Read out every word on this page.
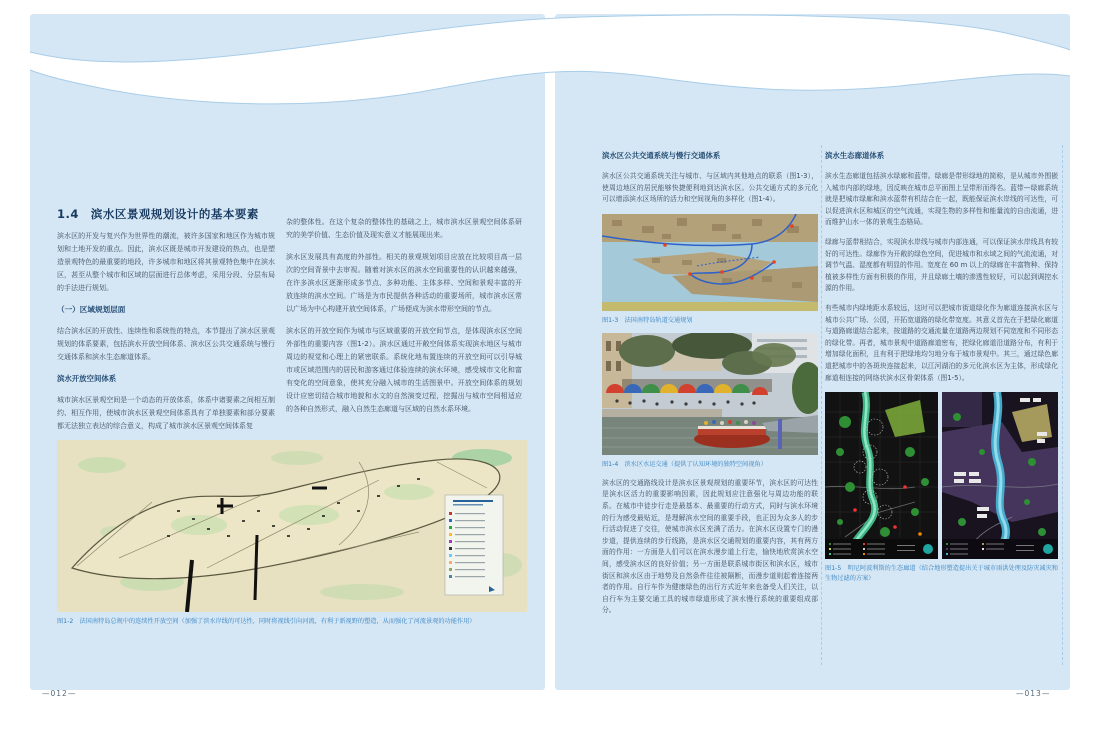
1.4　滨水区景观规划设计的基本要素

滨水区的开发与复兴作为世界性的潮流，被许多国家和地区作为城市规划和土地开发的重点。因此，滨水区既是城市开发建设的热点，也是塑造景观特色的最重要的地段，许多城市和地区将其景观特色集中在滨水区，甚至从整个城市和区域的层面进行总体考虑，采用分段、分层布局的手法进行规划。

（一）区域规划层面

结合滨水区的开放性、连续性和系统性的特点，本节提出了滨水区景观规划的体系要素，包括滨水开放空间体系、滨水区公共交通系统与慢行交通体系和滨水生态廊道体系。

滨水开放空间体系

城市滨水区景观空间是一个动态的开放体系，体系中诸要素之间相互制约、相互作用，使城市滨水区景观空间体系具有了单独要素和部分要素都无法独立表达的综合意义，构成了城市滨水区景观空间体系复

杂的整体性。在这个复杂的整体性的基础之上，城市滨水区景观空间体系研究的美学价值、生态价值及现实意义才能展现出来。

滨水区发展具有高度的外部性。相关的景观规划项目应放在比较项目高一层次的空间背景中去审视。随着对滨水区的滨水空间重要性的认识越来越强，在许多滨水区逐渐形成多节点、多种功能、主体多样、空间和景观丰富的开放连续的滨水空间。广场是为市民提供各种活动的重要场所，城市滨水区常以广场为中心构建开放空间体系，广场便成为滨水带形空间的节点。

滨水区的开放空间作为城市与区域重要的开放空间节点，是体现滨水区空间外部性的重要内容（图1-2）。滨水区通过开敞空间体系实现滨水地区与城市周边的视觉和心理上的紧密联系。系统化地布置连续的开放空间可以引导城市或区域范围内的居民和游客通过体验连续的滨水环境，感受城市文化和富有变化的空间意象，使其充分融入城市的生活图景中。开放空间体系的规划设计应密切结合城市地貌和水文的自然演变过程，挖掘出与城市空间相适应的各种自然形式，融入自然生态廊道与区域的自然水系环境。

图1-2　法国南特岛总规中的连续性开放空间（加强了滨水岸线的可达性，同时将视线引向河流，有利于新视野的塑造，从而强化了河流景观的功能作用）
—012—
滨水区公共交通系统与慢行交通体系

滨水区公共交通系统关注与城市、与区域内其他地点的联系（图1-3），使周边地区的居民能够快捷便利地到达滨水区。公共交通方式的多元化可以增添滨水区场所的活力和空间视角的多样化（图1-4）。

图1-3　法国南特岛轨道交通规划
图1-4　滨水区水运交通（提供了认知环境的独特空间视角）

滨水区的交通路线设计是滨水区景观规划的重要环节，滨水区的可达性是滨水区活力的重要影响因素，因此规划应注意强化与周边功能的联系。在城市中徒步行走是最基本、最重要的行动方式，同时与滨水环境的行为感受最贴近，是理解滨水空间的重要手段，也正因为众多人的步行活动促进了交往，使城市滨水区充满了活力。在滨水区设置专门的漫步道，提供连续的步行线路，是滨水区交通规划的重要内容，其有两方面的作用：一方面是人们可以在滨水漫步道上行走，愉快地欣赏滨水空间，感受滨水区的良好价值；另一方面是联系城市街区和滨水区，城市街区和滨水区由于地势及自然条件往往被隔断，而漫步道则起着连接两者的作用。自行车作为健康绿色的出行方式近年来也备受人们关注，以自行车为主要交通工具的城市绿道形成了滨水慢行系统的重要组成部分。

滨水生态廊道体系

滨水生态廊道包括滨水绿廊和蓝带。绿廊是带形绿地的简称，是从城市外围嵌入城市内部的绿地，因反映在城市总平面图上呈带形而得名。蓝带—绿廊系统就是把城市绿廊和滨水蓝带有机结合在一起，既能保证滨水岸线的可达性，可以促进滨水区和城区的空气流通，实现生物的多样性和能量流的自由流通，进而维护山水一体的景观生态格局。

绿廊与蓝带相结合，实现滨水岸线与城市内部连通，可以保证滨水岸线具有较好的可达性。绿廊作为开敞的绿色空间，促进城市和水域之间的气流流通，对调节气温、湿度都有明显的作用。宽度在 60 m 以上的绿廊在丰富物种、保持植被多样性方面有积极的作用，并且绿廊土壤的渗透性较好，可以起到调控水源的作用。

有些城市内绿地距水系较远，这时可以把城市街道绿化作为廊道连接滨水区与城市公共广场、公园，开拓宽道路的绿化带宽度。其意义首先在于把绿化廊道与道路廊道结合起来，按道路的交通流量在道路两边规划不同宽度和不同形态的绿化带。再者，城市景观中道路廊道密布，把绿化廊道沿道路分布，有利于增加绿化面积，且有利于把绿地均匀地分布于城市景观中。其三，通过绿色廊道把城市中的各斑块连接起来，以江河湖泊的多元化滨水区为主体，形成绿化廊道相连接的网络状滨水区骨架体系（图1-5）。

图1-5　明尼阿波利斯的生态廊道（结合地形塑造提出关于城市雨洪处理及防灾减灾和生物过滤的方案）
—013—
